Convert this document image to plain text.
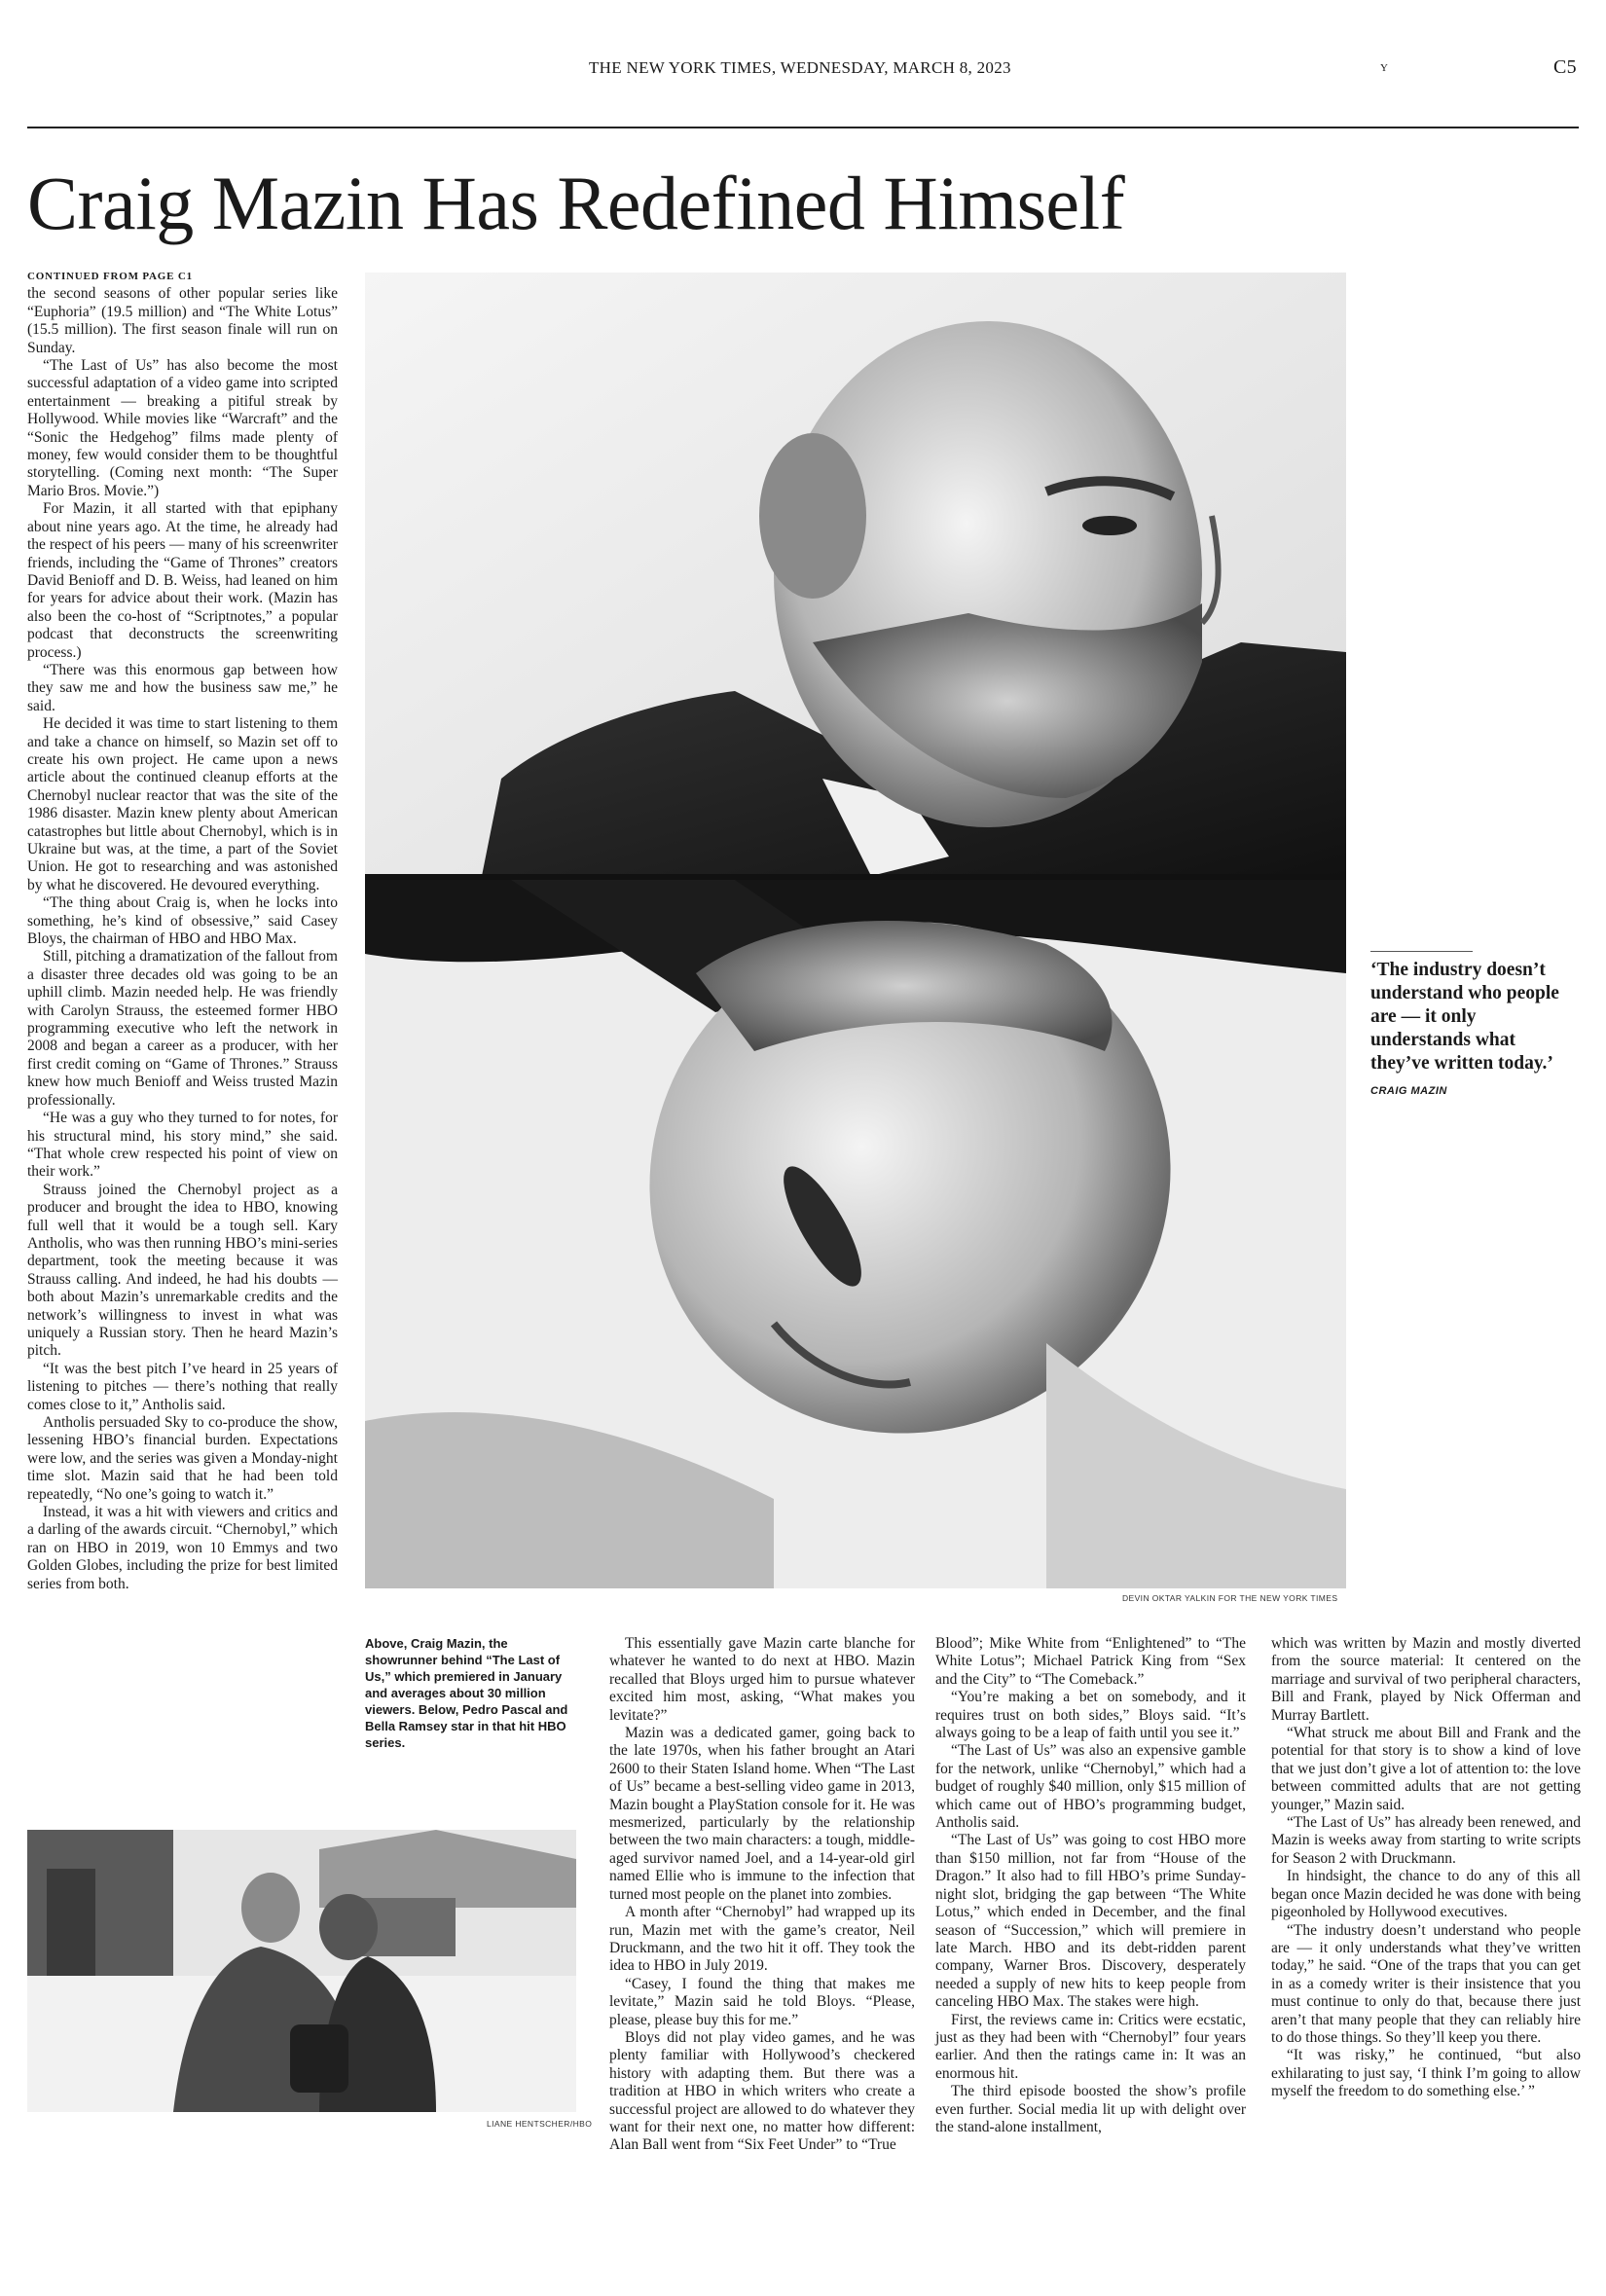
THE NEW YORK TIMES, WEDNESDAY, MARCH 8, 2023	Y	C5
Craig Mazin Has Redefined Himself
DEVIN OKTAR YALKIN FOR THE NEW YORK TIMES
‘The industry doesn’t understand who people are — it only understands what they’ve written today.’
CRAIG MAZIN

CONTINUED FROM PAGE C1

the second seasons of other popular series like “Euphoria” (19.5 million) and “The White Lotus” (15.5 million). The first season finale will run on Sunday.

“The Last of Us” has also become the most successful adaptation of a video game into scripted entertainment — breaking a pitiful streak by Hollywood. While movies like “Warcraft” and the “Sonic the Hedgehog” films made plenty of money, few would consider them to be thoughtful storytelling. (Coming next month: “The Super Mario Bros. Movie.”)

For Mazin, it all started with that epiphany about nine years ago. At the time, he already had the respect of his peers — many of his screenwriter friends, including the “Game of Thrones” creators David Benioff and D. B. Weiss, had leaned on him for years for advice about their work. (Mazin has also been the co-host of “Scriptnotes,” a popular podcast that deconstructs the screenwriting process.)

“There was this enormous gap between how they saw me and how the business saw me,” he said.

He decided it was time to start listening to them and take a chance on himself, so Mazin set off to create his own project. He came upon a news article about the continued cleanup efforts at the Chernobyl nuclear reactor that was the site of the 1986 disaster. Mazin knew plenty about American catastrophes but little about Chernobyl, which is in Ukraine but was, at the time, a part of the Soviet Union. He got to researching and was astonished by what he discovered. He devoured everything.

“The thing about Craig is, when he locks into something, he’s kind of obsessive,” said Casey Bloys, the chairman of HBO and HBO Max.

Still, pitching a dramatization of the fallout from a disaster three decades old was going to be an uphill climb. Mazin needed help. He was friendly with Carolyn Strauss, the esteemed former HBO programming executive who left the network in 2008 and began a career as a producer, with her first credit coming on “Game of Thrones.” Strauss knew how much Benioff and Weiss trusted Mazin professionally.

“He was a guy who they turned to for notes, for his structural mind, his story mind,” she said. “That whole crew respected his point of view on their work.”

Strauss joined the Chernobyl project as a producer and brought the idea to HBO, knowing full well that it would be a tough sell. Kary Antholis, who was then running HBO’s mini-series department, took the meeting because it was Strauss calling. And indeed, he had his doubts — both about Mazin’s unremarkable credits and the network’s willingness to invest in what was uniquely a Russian story. Then he heard Mazin’s pitch.

“It was the best pitch I’ve heard in 25 years of listening to pitches — there’s nothing that really comes close to it,” Antholis said.

Antholis persuaded Sky to co-produce the show, lessening HBO’s financial burden. Expectations were low, and the series was given a Monday-night time slot. Mazin said that he had been told repeatedly, “No one’s going to watch it.”

Instead, it was a hit with viewers and critics and a darling of the awards circuit. “Chernobyl,” which ran on HBO in 2019, won 10 Emmys and two Golden Globes, including the prize for best limited series from both.

Above, Craig Mazin, the showrunner behind “The Last of Us,” which premiered in January and averages about 30 million viewers. Below, Pedro Pascal and Bella Ramsey star in that hit HBO series.
LIANE HENTSCHER/HBO

This essentially gave Mazin carte blanche for whatever he wanted to do next at HBO. Mazin recalled that Bloys urged him to pursue whatever excited him most, asking, “What makes you levitate?”

Mazin was a dedicated gamer, going back to the late 1970s, when his father brought an Atari 2600 to their Staten Island home. When “The Last of Us” became a best-selling video game in 2013, Mazin bought a PlayStation console for it. He was mesmerized, particularly by the relationship between the two main characters: a tough, middle-aged survivor named Joel, and a 14-year-old girl named Ellie who is immune to the infection that turned most people on the planet into zombies.

A month after “Chernobyl” had wrapped up its run, Mazin met with the game’s creator, Neil Druckmann, and the two hit it off. They took the idea to HBO in July 2019.

“Casey, I found the thing that makes me levitate,” Mazin said he told Bloys. “Please, please, please buy this for me.”

Bloys did not play video games, and he was plenty familiar with Hollywood’s checkered history with adapting them. But there was a tradition at HBO in which writers who create a successful project are allowed to do whatever they want for their next one, no matter how different: Alan Ball went from “Six Feet Under” to “True

Blood”; Mike White from “Enlightened” to “The White Lotus”; Michael Patrick King from “Sex and the City” to “The Comeback.”

“You’re making a bet on somebody, and it requires trust on both sides,” Bloys said. “It’s always going to be a leap of faith until you see it.”

“The Last of Us” was also an expensive gamble for the network, unlike “Chernobyl,” which had a budget of roughly $40 million, only $15 million of which came out of HBO’s programming budget, Antholis said.

“The Last of Us” was going to cost HBO more than $150 million, not far from “House of the Dragon.” It also had to fill HBO’s prime Sunday-night slot, bridging the gap between “The White Lotus,” which ended in December, and the final season of “Succession,” which will premiere in late March. HBO and its debt-ridden parent company, Warner Bros. Discovery, desperately needed a supply of new hits to keep people from canceling HBO Max. The stakes were high.

First, the reviews came in: Critics were ecstatic, just as they had been with “Chernobyl” four years earlier. And then the ratings came in: It was an enormous hit.

The third episode boosted the show’s profile even further. Social media lit up with delight over the stand-alone installment,

which was written by Mazin and mostly diverted from the source material: It centered on the marriage and survival of two peripheral characters, Bill and Frank, played by Nick Offerman and Murray Bartlett.

“What struck me about Bill and Frank and the potential for that story is to show a kind of love that we just don’t give a lot of attention to: the love between committed adults that are not getting younger,” Mazin said.

“The Last of Us” has already been renewed, and Mazin is weeks away from starting to write scripts for Season 2 with Druckmann.

In hindsight, the chance to do any of this all began once Mazin decided he was done with being pigeonholed by Hollywood executives.

“The industry doesn’t understand who people are — it only understands what they’ve written today,” he said. “One of the traps that you can get in as a comedy writer is their insistence that you must continue to only do that, because there just aren’t that many people that they can reliably hire to do those things. So they’ll keep you there.

“It was risky,” he continued, “but also exhilarating to just say, ‘I think I’m going to allow myself the freedom to do something else.’ ”
